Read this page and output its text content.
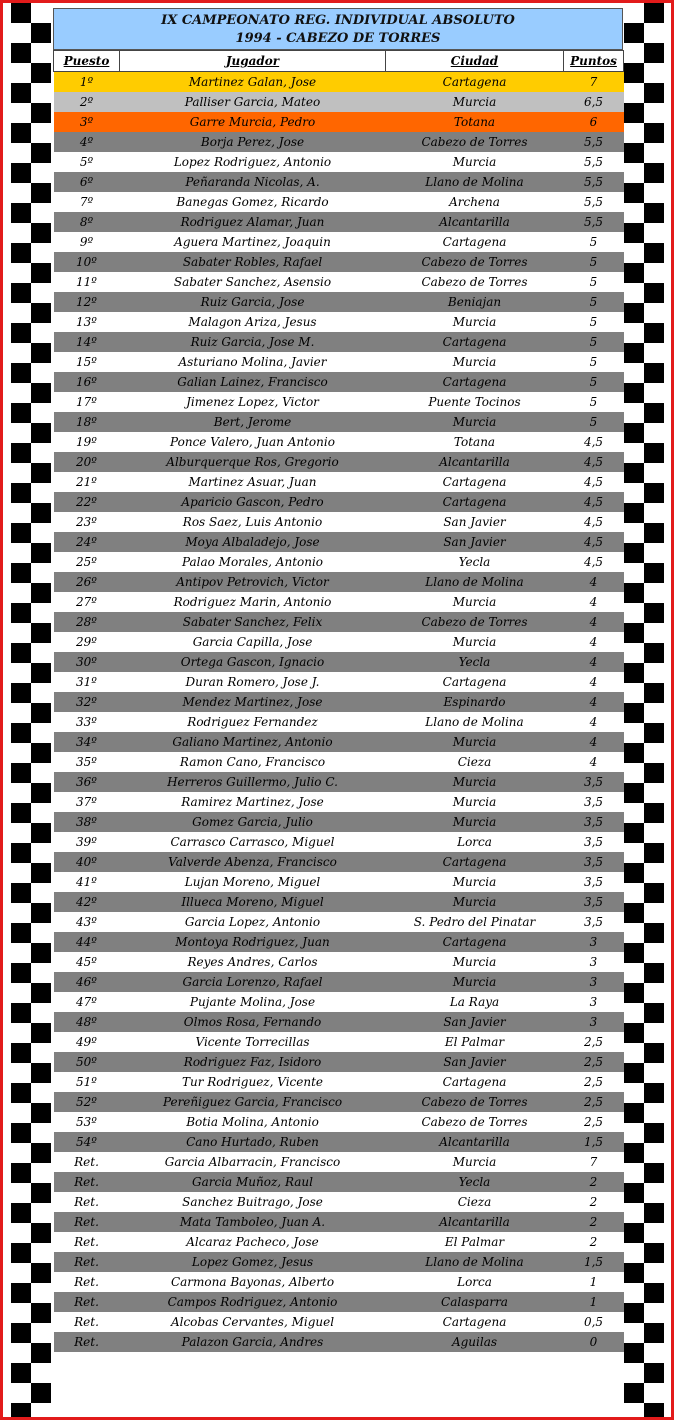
IX CAMPEONATO REG. INDIVIDUAL ABSOLUTO
1994 - CABEZO DE TORRES
Puesto	Jugador	Ciudad	Puntos
1º	Martinez Galan, Jose	Cartagena	7
2º	Palliser Garcia, Mateo	Murcia	6,5
3º	Garre Murcia, Pedro	Totana	6
4º	Borja Perez, Jose	Cabezo de Torres	5,5
5º	Lopez Rodriguez, Antonio	Murcia	5,5
6º	Peñaranda Nicolas, A.	Llano de Molina	5,5
7º	Banegas Gomez, Ricardo	Archena	5,5
8º	Rodriguez Alamar, Juan	Alcantarilla	5,5
9º	Aguera Martinez, Joaquin	Cartagena	5
10º	Sabater Robles, Rafael	Cabezo de Torres	5
11º	Sabater Sanchez, Asensio	Cabezo de Torres	5
12º	Ruiz Garcia, Jose	Beniajan	5
13º	Malagon Ariza, Jesus	Murcia	5
14º	Ruiz Garcia, Jose M.	Cartagena	5
15º	Asturiano Molina, Javier	Murcia	5
16º	Galian Lainez, Francisco	Cartagena	5
17º	Jimenez Lopez, Victor	Puente Tocinos	5
18º	Bert, Jerome	Murcia	5
19º	Ponce Valero, Juan Antonio	Totana	4,5
20º	Alburquerque Ros, Gregorio	Alcantarilla	4,5
21º	Martinez Asuar, Juan	Cartagena	4,5
22º	Aparicio Gascon, Pedro	Cartagena	4,5
23º	Ros Saez, Luis Antonio	San Javier	4,5
24º	Moya Albaladejo, Jose	San Javier	4,5
25º	Palao Morales, Antonio	Yecla	4,5
26º	Antipov Petrovich, Victor	Llano de Molina	4
27º	Rodriguez Marin, Antonio	Murcia	4
28º	Sabater Sanchez, Felix	Cabezo de Torres	4
29º	Garcia Capilla, Jose	Murcia	4
30º	Ortega Gascon, Ignacio	Yecla	4
31º	Duran Romero, Jose J.	Cartagena	4
32º	Mendez Martinez, Jose	Espinardo	4
33º	Rodriguez Fernandez	Llano de Molina	4
34º	Galiano Martinez, Antonio	Murcia	4
35º	Ramon Cano, Francisco	Cieza	4
36º	Herreros Guillermo, Julio C.	Murcia	3,5
37º	Ramirez Martinez, Jose	Murcia	3,5
38º	Gomez Garcia, Julio	Murcia	3,5
39º	Carrasco Carrasco, Miguel	Lorca	3,5
40º	Valverde Abenza, Francisco	Cartagena	3,5
41º	Lujan Moreno, Miguel	Murcia	3,5
42º	Illueca Moreno, Miguel	Murcia	3,5
43º	Garcia Lopez, Antonio	S. Pedro del Pinatar	3,5
44º	Montoya Rodriguez, Juan	Cartagena	3
45º	Reyes Andres, Carlos	Murcia	3
46º	Garcia Lorenzo, Rafael	Murcia	3
47º	Pujante Molina, Jose	La Raya	3
48º	Olmos Rosa, Fernando	San Javier	3
49º	Vicente Torrecillas	El Palmar	2,5
50º	Rodriguez Faz, Isidoro	San Javier	2,5
51º	Tur Rodriguez, Vicente	Cartagena	2,5
52º	Pereñiguez Garcia, Francisco	Cabezo de Torres	2,5
53º	Botia Molina, Antonio	Cabezo de Torres	2,5
54º	Cano Hurtado, Ruben	Alcantarilla	1,5
Ret.	Garcia Albarracin, Francisco	Murcia	7
Ret.	Garcia Muñoz, Raul	Yecla	2
Ret.	Sanchez Buitrago, Jose	Cieza	2
Ret.	Mata Tamboleo, Juan A.	Alcantarilla	2
Ret.	Alcaraz Pacheco, Jose	El Palmar	2
Ret.	Lopez Gomez, Jesus	Llano de Molina	1,5
Ret.	Carmona Bayonas, Alberto	Lorca	1
Ret.	Campos Rodriguez, Antonio	Calasparra	1
Ret.	Alcobas Cervantes, Miguel	Cartagena	0,5
Ret.	Palazon Garcia, Andres	Aguilas	0
